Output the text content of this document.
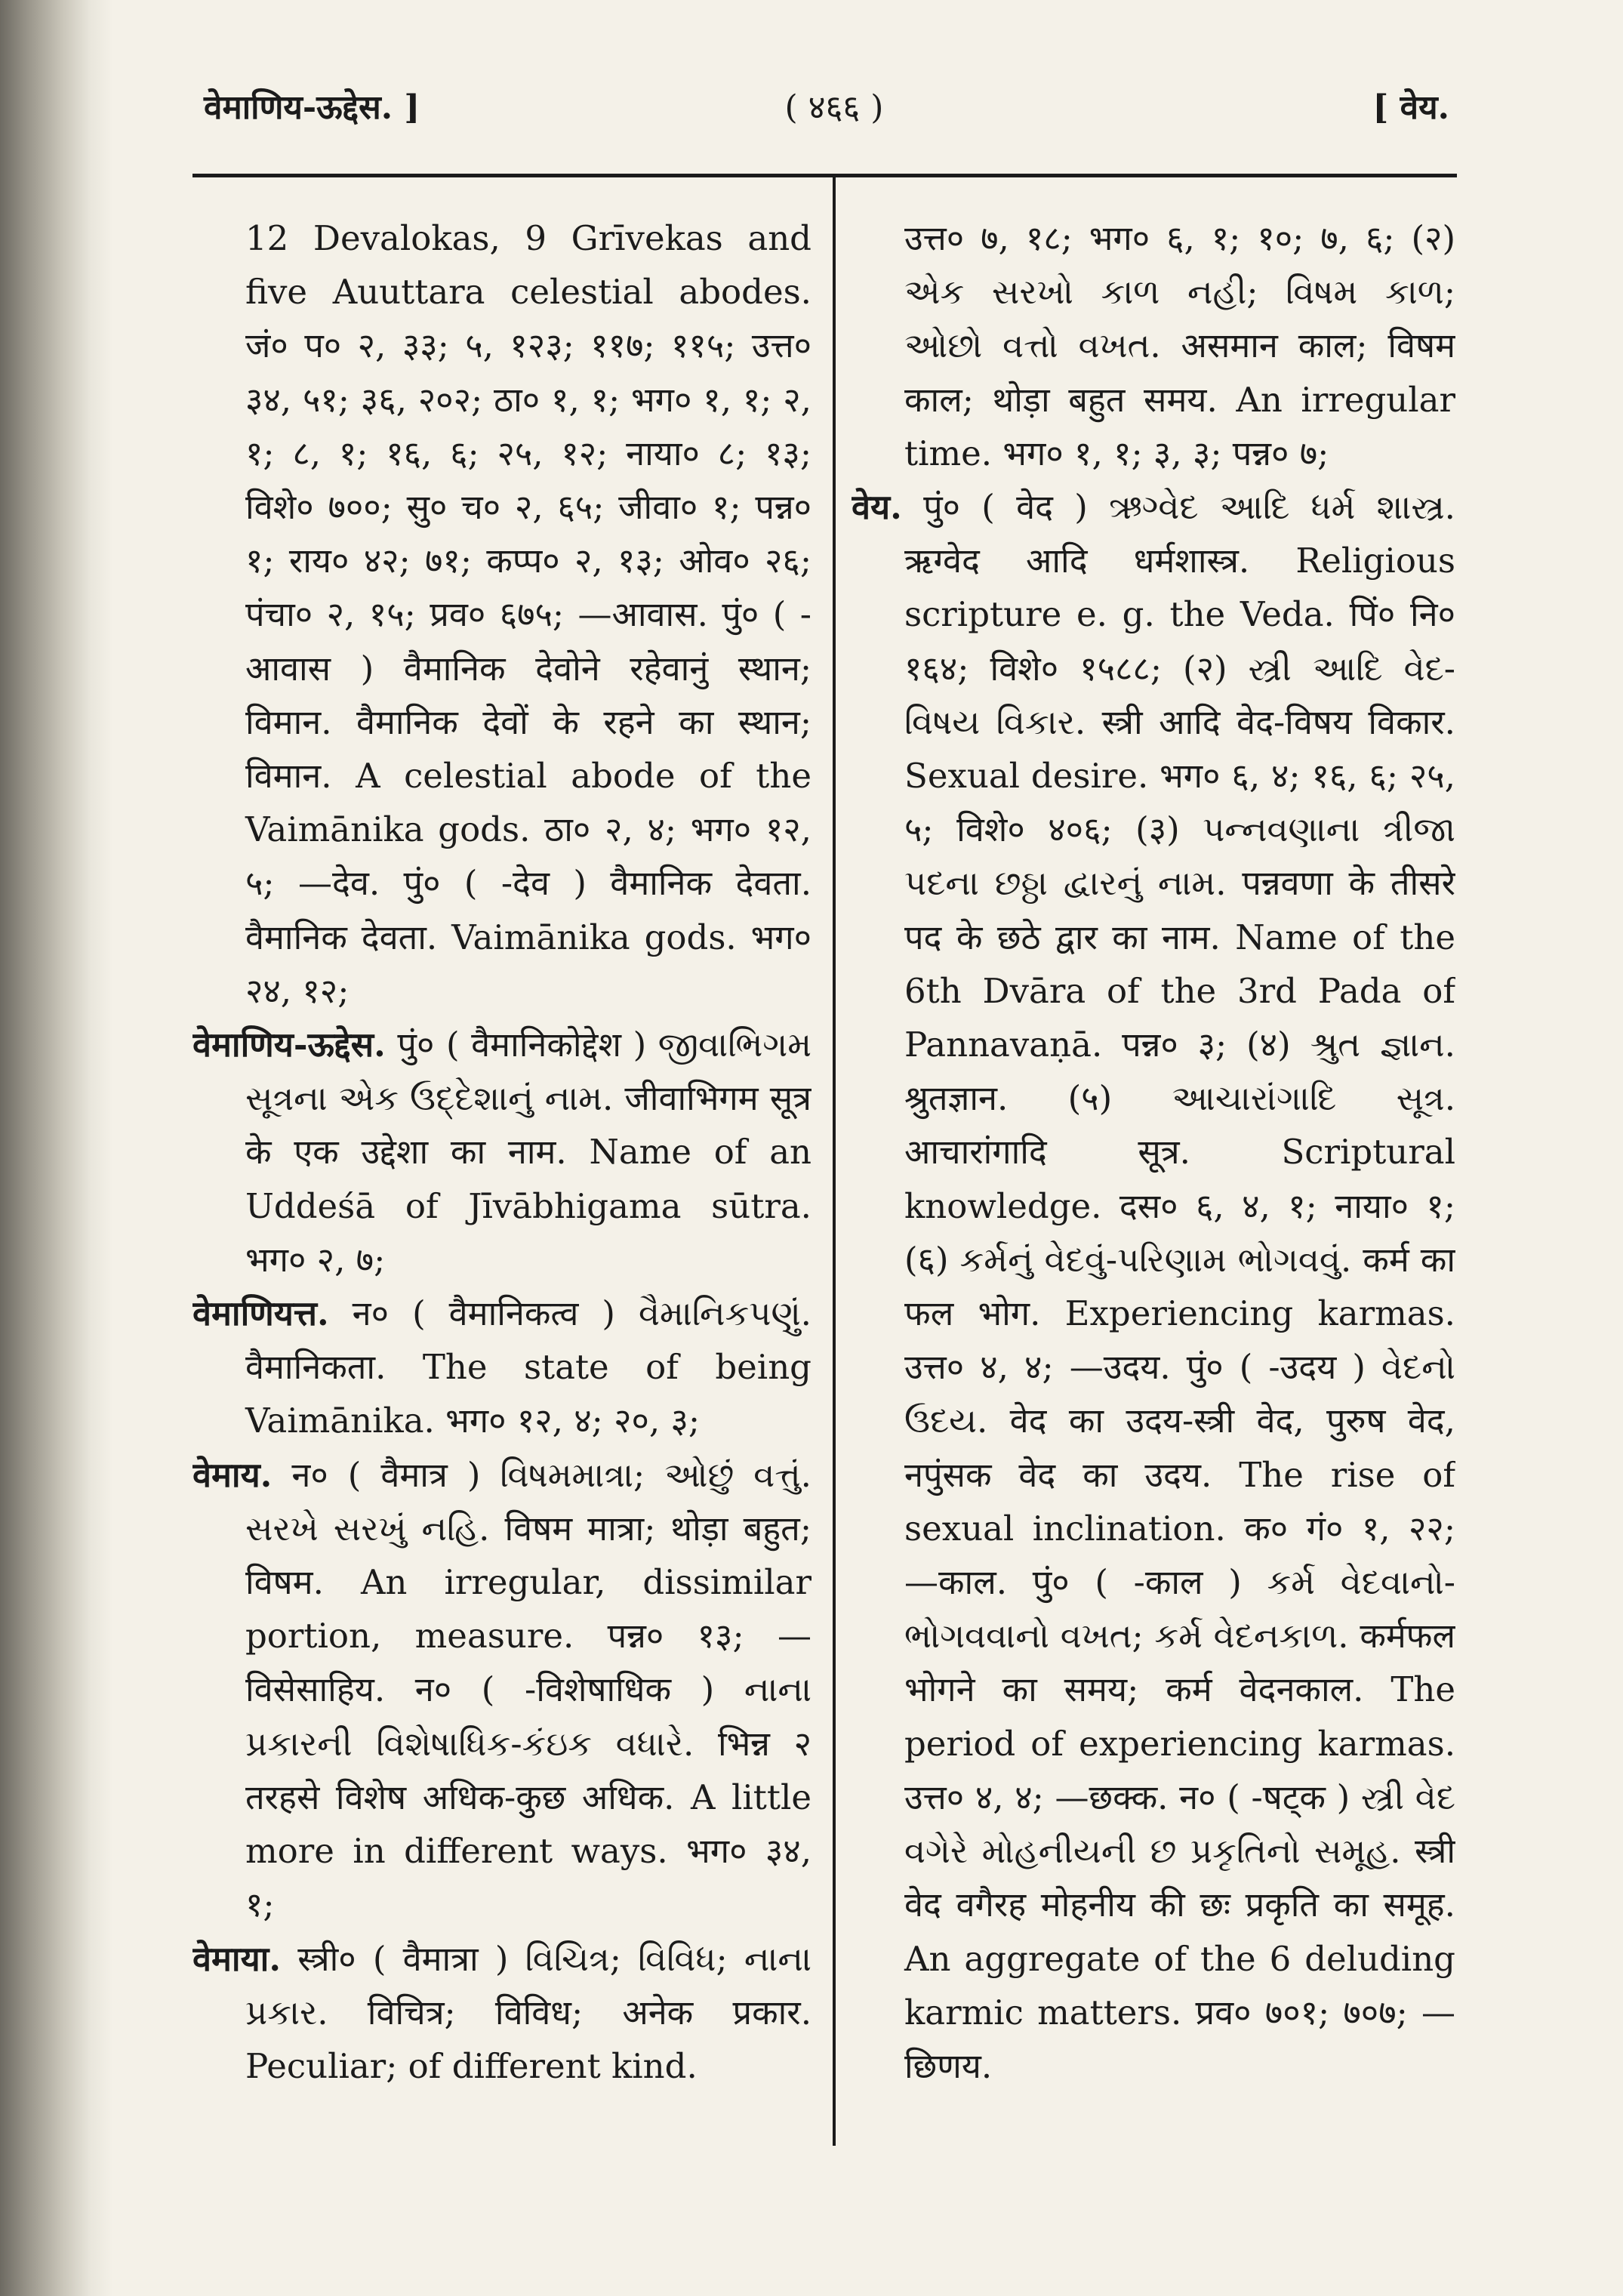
वेमाणिय-ऊद्देस. ]	( ४६६ )	[ वेय.

12 Devalokas, 9 Grīvekas and five Auuttara celestial abodes. जं० प० २, ३३; ५, १२३; ११७; ११५; उत्त० ३४, ५१; ३६, २०२; ठा० १, १; भग० १, १; २, १; ८, १; १६, ६; २५, १२; नाया० ८; १३; विशे० ७००; सु० च० २, ६५; जीवा० १; पन्न० १; राय० ४२; ७१; कप्प० २, १३; ओव० २६; पंचा० २, १५; प्रव० ६७५; —आवास. पुं० ( -आवास ) वैमानिक देवोने रहेवानुं स्थान; विमान. वैमानिक देवों के रहने का स्थान; विमान. A celestial abode of the Vaimānika gods. ठा० २, ४; भग० १२, ५; —देव. पुं० ( -देव ) वैमानिक देवता. वैमानिक देवता. Vaimānika gods. भग० २४, १२;

वेमाणिय-ऊद्देस. पुं० ( वैमानिकोद्देश ) જીવાભિગમ સૂત્રના એક ઉદ્દેશાનું નામ. जीवाभिगम सूत्र के एक उद्देशा का नाम. Name of an Uddeśā of Jīvābhigama sūtra. भग० २, ७;

वेमाणियत्त. न० ( वैमानिकत्व ) વૈમાનિકપણું. वैमानिकता. The state of being Vaimānika. भग० १२, ४; २०, ३;

वेमाय. न० ( वैमात्र ) વિષમમાત્રા; ઓછું વત્તું. સરખે સરખું નહિ. विषम मात्रा; थोड़ा बहुत; विषम. An irregular, dissimilar portion, measure. पन्न० १३; —विसेसाहिय. न० ( -विशेषाधिक ) નાના પ્રકારની વિશેષાધિક-કંઇક વધારે. भिन्न २ तरहसे विशेष अधिक-कुछ अधिक. A little more in different ways. भग० ३४, १;

वेमाया. स्त्री० ( वैमात्रा ) વિચિત્ર; વિવિધ; નાના પ્રકાર. विचित्र; विविध; अनेक प्रकार. Peculiar; of different kind.

उत्त० ७, १८; भग० ६, १; १०; ७, ६; (२) એક સરખો કાળ નહી; વિષમ કાળ; ઓછો વત્તો વખત. असमान काल; विषम काल; थोड़ा बहुत समय. An irregular time. भग० १, १; ३, ३; पन्न० ७;

वेय. पुं० ( वेद ) ઋગ્વેદ આદિ ધર્મ શાસ્ત્ર. ऋग्वेद आदि धर्मशास्त्र. Religious scripture e. g. the Veda. पिं० नि० १६४; विशे० १५८८; (२) સ્ત્રી આદિ વેદ-વિષય વિકાર. स्त्री आदि वेद-विषय विकार. Sexual desire. भग० ६, ४; १६, ६; २५, ५; विशे० ४०६; (३) પન્નવણાના ત્રીજા પદના છઠ્ઠા દ્વારનું નામ. पन्नवणा के तीसरे पद के छठे द्वार का नाम. Name of the 6th Dvāra of the 3rd Pada of Pannavaṇā. पन्न० ३; (४) શ્રુત જ્ઞાન. श्रुतज्ञान. (५) આચારાંગાદિ સૂત્ર. आचारांगादि सूत्र. Scriptural knowledge. दस० ६, ४, १; नाया० १; (६) કર્મનું વેદવું-પરિણામ ભોગવવું. कर्म का फल भोग. Experiencing karmas. उत्त० ४, ४; —उदय. पुं० ( -उदय ) વેદનો ઉદય. वेद का उदय-स्त्री वेद, पुरुष वेद, नपुंसक वेद का उदय. The rise of sexual inclination. क० गं० १, २२; —काल. पुं० ( -काल ) કર્મ વેદવાનો-ભોગવવાનો વખત; કર્મ વેદનકાળ. कर्मफल भोगने का समय; कर्म वेदनकाल. The period of experiencing karmas. उत्त० ४, ४; —छक्क. न० ( -षट्क ) સ્ત્રી વેદ વગેરે મોહનીયની છ પ્રકૃતિનો સમૂહ. स्त्री वेद वगैरह मोहनीय की छः प्रकृति का समूह. An aggregate of the 6 deluding karmic matters. प्रव० ७०१; ७०७; —छिणय.
